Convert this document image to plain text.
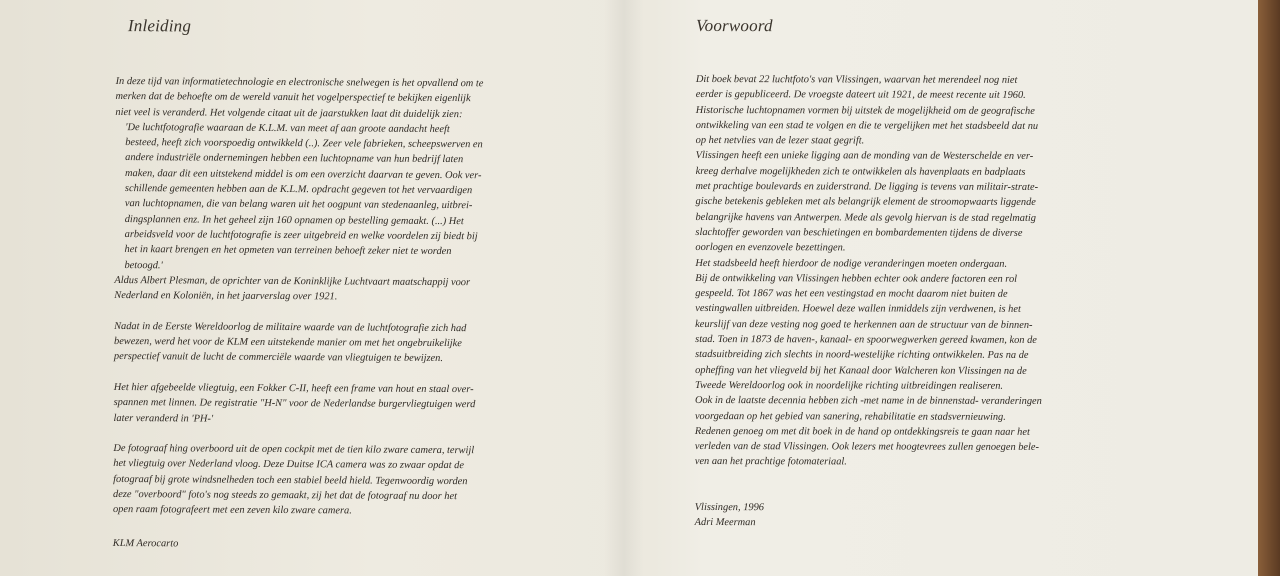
Inleiding
In deze tijd van informatietechnologie en electronische snelwegen is het opvallend om te
merken dat de behoefte om de wereld vanuit het vogelperspectief te bekijken eigenlijk
niet veel is veranderd. Het volgende citaat uit de jaarstukken laat dit duidelijk zien:
'De luchtfotografie waaraan de K.L.M. van meet af aan groote aandacht heeft
besteed, heeft zich voorspoedig ontwikkeld (..). Zeer vele fabrieken, scheepswerven en
andere industriële ondernemingen hebben een luchtopname van hun bedrijf laten
maken, daar dit een uitstekend middel is om een overzicht daarvan te geven. Ook ver-
schillende gemeenten hebben aan de K.L.M. opdracht gegeven tot het vervaardigen
van luchtopnamen, die van belang waren uit het oogpunt van stedenaanleg, uitbrei-
dingsplannen enz. In het geheel zijn 160 opnamen op bestelling gemaakt. (...) Het
arbeidsveld voor de luchtfotografie is zeer uitgebreid en welke voordelen zij biedt bij
het in kaart brengen en het opmeten van terreinen behoeft zeker niet te worden
betoogd.'
Aldus Albert Plesman, de oprichter van de Koninklijke Luchtvaart maatschappij voor
Nederland en Koloniën, in het jaarverslag over 1921.
Nadat in de Eerste Wereldoorlog de militaire waarde van de luchtfotografie zich had
bewezen, werd het voor de KLM een uitstekende manier om met het ongebruikelijke
perspectief vanuit de lucht de commerciële waarde van vliegtuigen te bewijzen.
Het hier afgebeelde vliegtuig, een Fokker C-II, heeft een frame van hout en staal over-
spannen met linnen. De registratie "H-N" voor de Nederlandse burgervliegtuigen werd
later veranderd in 'PH-'
De fotograaf hing overboord uit de open cockpit met de tien kilo zware camera, terwijl
het vliegtuig over Nederland vloog. Deze Duitse ICA camera was zo zwaar opdat de
fotograaf bij grote windsnelheden toch een stabiel beeld hield. Tegenwoordig worden
deze "overboord" foto's nog steeds zo gemaakt, zij het dat de fotograaf nu door het
open raam fotografeert met een zeven kilo zware camera.
KLM Aerocarto
Voorwoord
Dit boek bevat 22 luchtfoto's van Vlissingen, waarvan het merendeel nog niet
eerder is gepubliceerd. De vroegste dateert uit 1921, de meest recente uit 1960.
Historische luchtopnamen vormen bij uitstek de mogelijkheid om de geografische
ontwikkeling van een stad te volgen en die te vergelijken met het stadsbeeld dat nu
op het netvlies van de lezer staat gegrift.
Vlissingen heeft een unieke ligging aan de monding van de Westerschelde en ver-
kreeg derhalve mogelijkheden zich te ontwikkelen als havenplaats en badplaats
met prachtige boulevards en zuiderstrand. De ligging is tevens van militair-strate-
gische betekenis gebleken met als belangrijk element de stroomopwaarts liggende
belangrijke havens van Antwerpen. Mede als gevolg hiervan is de stad regelmatig
slachtoffer geworden van beschietingen en bombardementen tijdens de diverse
oorlogen en evenzovele bezettingen.
Het stadsbeeld heeft hierdoor de nodige veranderingen moeten ondergaan.
Bij de ontwikkeling van Vlissingen hebben echter ook andere factoren een rol
gespeeld. Tot 1867 was het een vestingstad en mocht daarom niet buiten de
vestingwallen uitbreiden. Hoewel deze wallen inmiddels zijn verdwenen, is het
keurslijf van deze vesting nog goed te herkennen aan de structuur van de binnen-
stad. Toen in 1873 de haven-, kanaal- en spoorwegwerken gereed kwamen, kon de
stadsuitbreiding zich slechts in noord-westelijke richting ontwikkelen. Pas na de
opheffing van het vliegveld bij het Kanaal door Walcheren kon Vlissingen na de
Tweede Wereldoorlog ook in noordelijke richting uitbreidingen realiseren.
Ook in de laatste decennia hebben zich -met name in de binnenstad- veranderingen
voorgedaan op het gebied van sanering, rehabilitatie en stadsvernieuwing.
Redenen genoeg om met dit boek in de hand op ontdekkingsreis te gaan naar het
verleden van de stad Vlissingen. Ook lezers met hoogtevrees zullen genoegen bele-
ven aan het prachtige fotomateriaal.
Vlissingen, 1996
Adri Meerman
